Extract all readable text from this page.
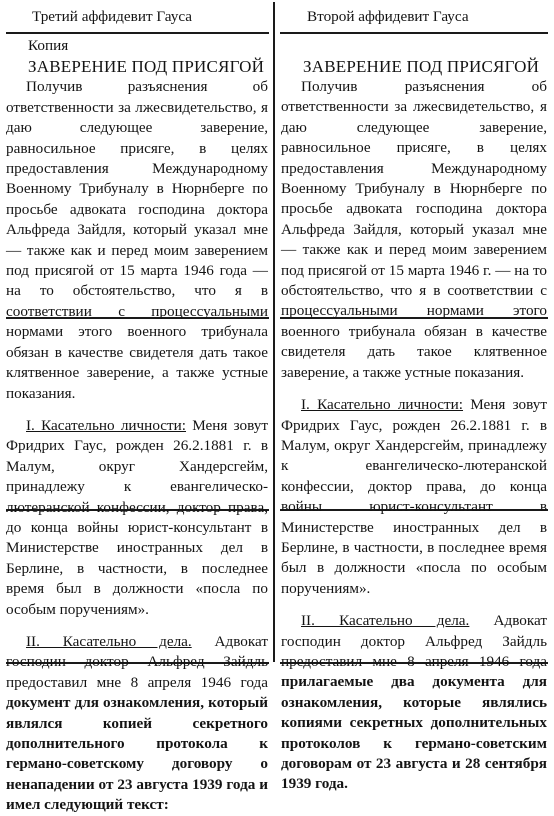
Третий аффидевит Гауса

Копия

ЗАВЕРЕНИЕ ПОД ПРИСЯГОЙ

Получив разъяснения об ответственности за лжесвидетельство, я даю следующее заверение, равносильное присяге, в целях предоставления Международному Военному Трибуналу в Нюрнберге по просьбе адвоката господина доктора Альфреда Зайдля, который указал мне — также как и перед моим заверением под присягой от 15 марта 1946 года — на то обстоятельство, что я в соответствии с процессуальными нормами этого военного трибунала обязан в качестве свидетеля дать такое клятвенное заверение, а также устные показания.

I. Касательно личности: Меня зовут Фридрих Гаус, рожден 26.2.1881 г. в Малум, округ Хандерсгейм, принадлежу к евангелическо-лютеранской конфессии, доктор права, до конца войны юрист-консультант в Министерстве иностранных дел в Берлине, в частности, в последнее время был в должности «посла по особым поручениям».

II. Касательно дела. Адвокат господин доктор Альфред Зайдль предоставил мне 8 апреля 1946 года документ для ознакомления, который являлся копией секретного дополнительного протокола к германо-советскому договору о ненападении от 23 августа 1939 года и имел следующий текст:

Второй аффидевит Гауса

ЗАВЕРЕНИЕ ПОД ПРИСЯГОЙ

Получив разъяснения об ответственности за лжесвидетельство, я даю следующее заверение, равносильное присяге, в целях предоставления Международному Военному Трибуналу в Нюрнберге по просьбе адвоката господина доктора Альфреда Зайдля, который указал мне — также как и перед моим заверением под присягой от 15 марта 1946 г. — на то обстоятельство, что я в соответствии с процессуальными нормами этого военного трибунала обязан в качестве свидетеля дать такое клятвенное заверение, а также устные показания.

I. Касательно личности: Меня зовут Фридрих Гаус, рожден 26.2.1881 г. в Малум, округ Хандерсгейм, принадлежу к евангелическо-лютеранской конфессии, доктор права, до конца войны юрист-консультант в Министерстве иностранных дел в Берлине, в частности, в последнее время был в должности «посла по особым поручениям».

II. Касательно дела. Адвокат господин доктор Альфред Зайдль предоставил мне 8 апреля 1946 года прилагаемые два документа для ознакомления, которые являлись копиями секретных дополнительных протоколов к германо-советским договорам от 23 августа и 28 сентября 1939 года.
